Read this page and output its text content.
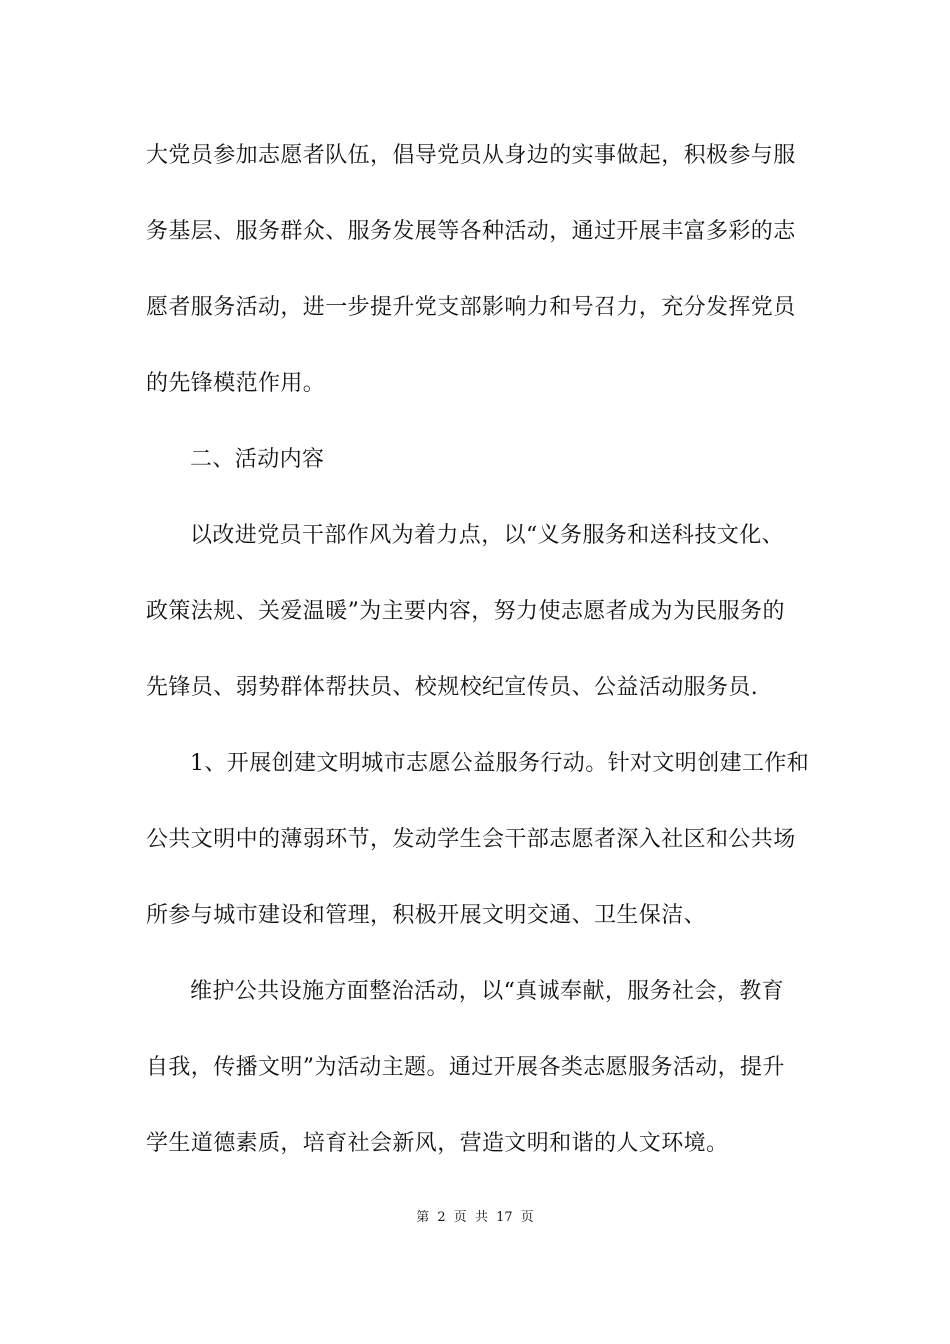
大党员参加志愿者队伍，倡导党员从身边的实事做起，积极参与服
务基层、服务群众、服务发展等各种活动，通过开展丰富多彩的志
愿者服务活动，进一步提升党支部影响力和号召力，充分发挥党员
的先锋模范作用。
二、活动内容
以改进党员干部作风为着力点，以“义务服务和送科技文化、
政策法规、关爱温暖”为主要内容，努力使志愿者成为为民服务的
先锋员、弱势群体帮扶员、校规校纪宣传员、公益活动服务员.
1、开展创建文明城市志愿公益服务行动。针对文明创建工作和
公共文明中的薄弱环节，发动学生会干部志愿者深入社区和公共场
所参与城市建设和管理，积极开展文明交通、卫生保洁、
维护公共设施方面整治活动，以“真诚奉献，服务社会，教育
自我，传播文明”为活动主题。通过开展各类志愿服务活动，提升
学生道德素质，培育社会新风，营造文明和谐的人文环境。
第 2 页 共 17 页
